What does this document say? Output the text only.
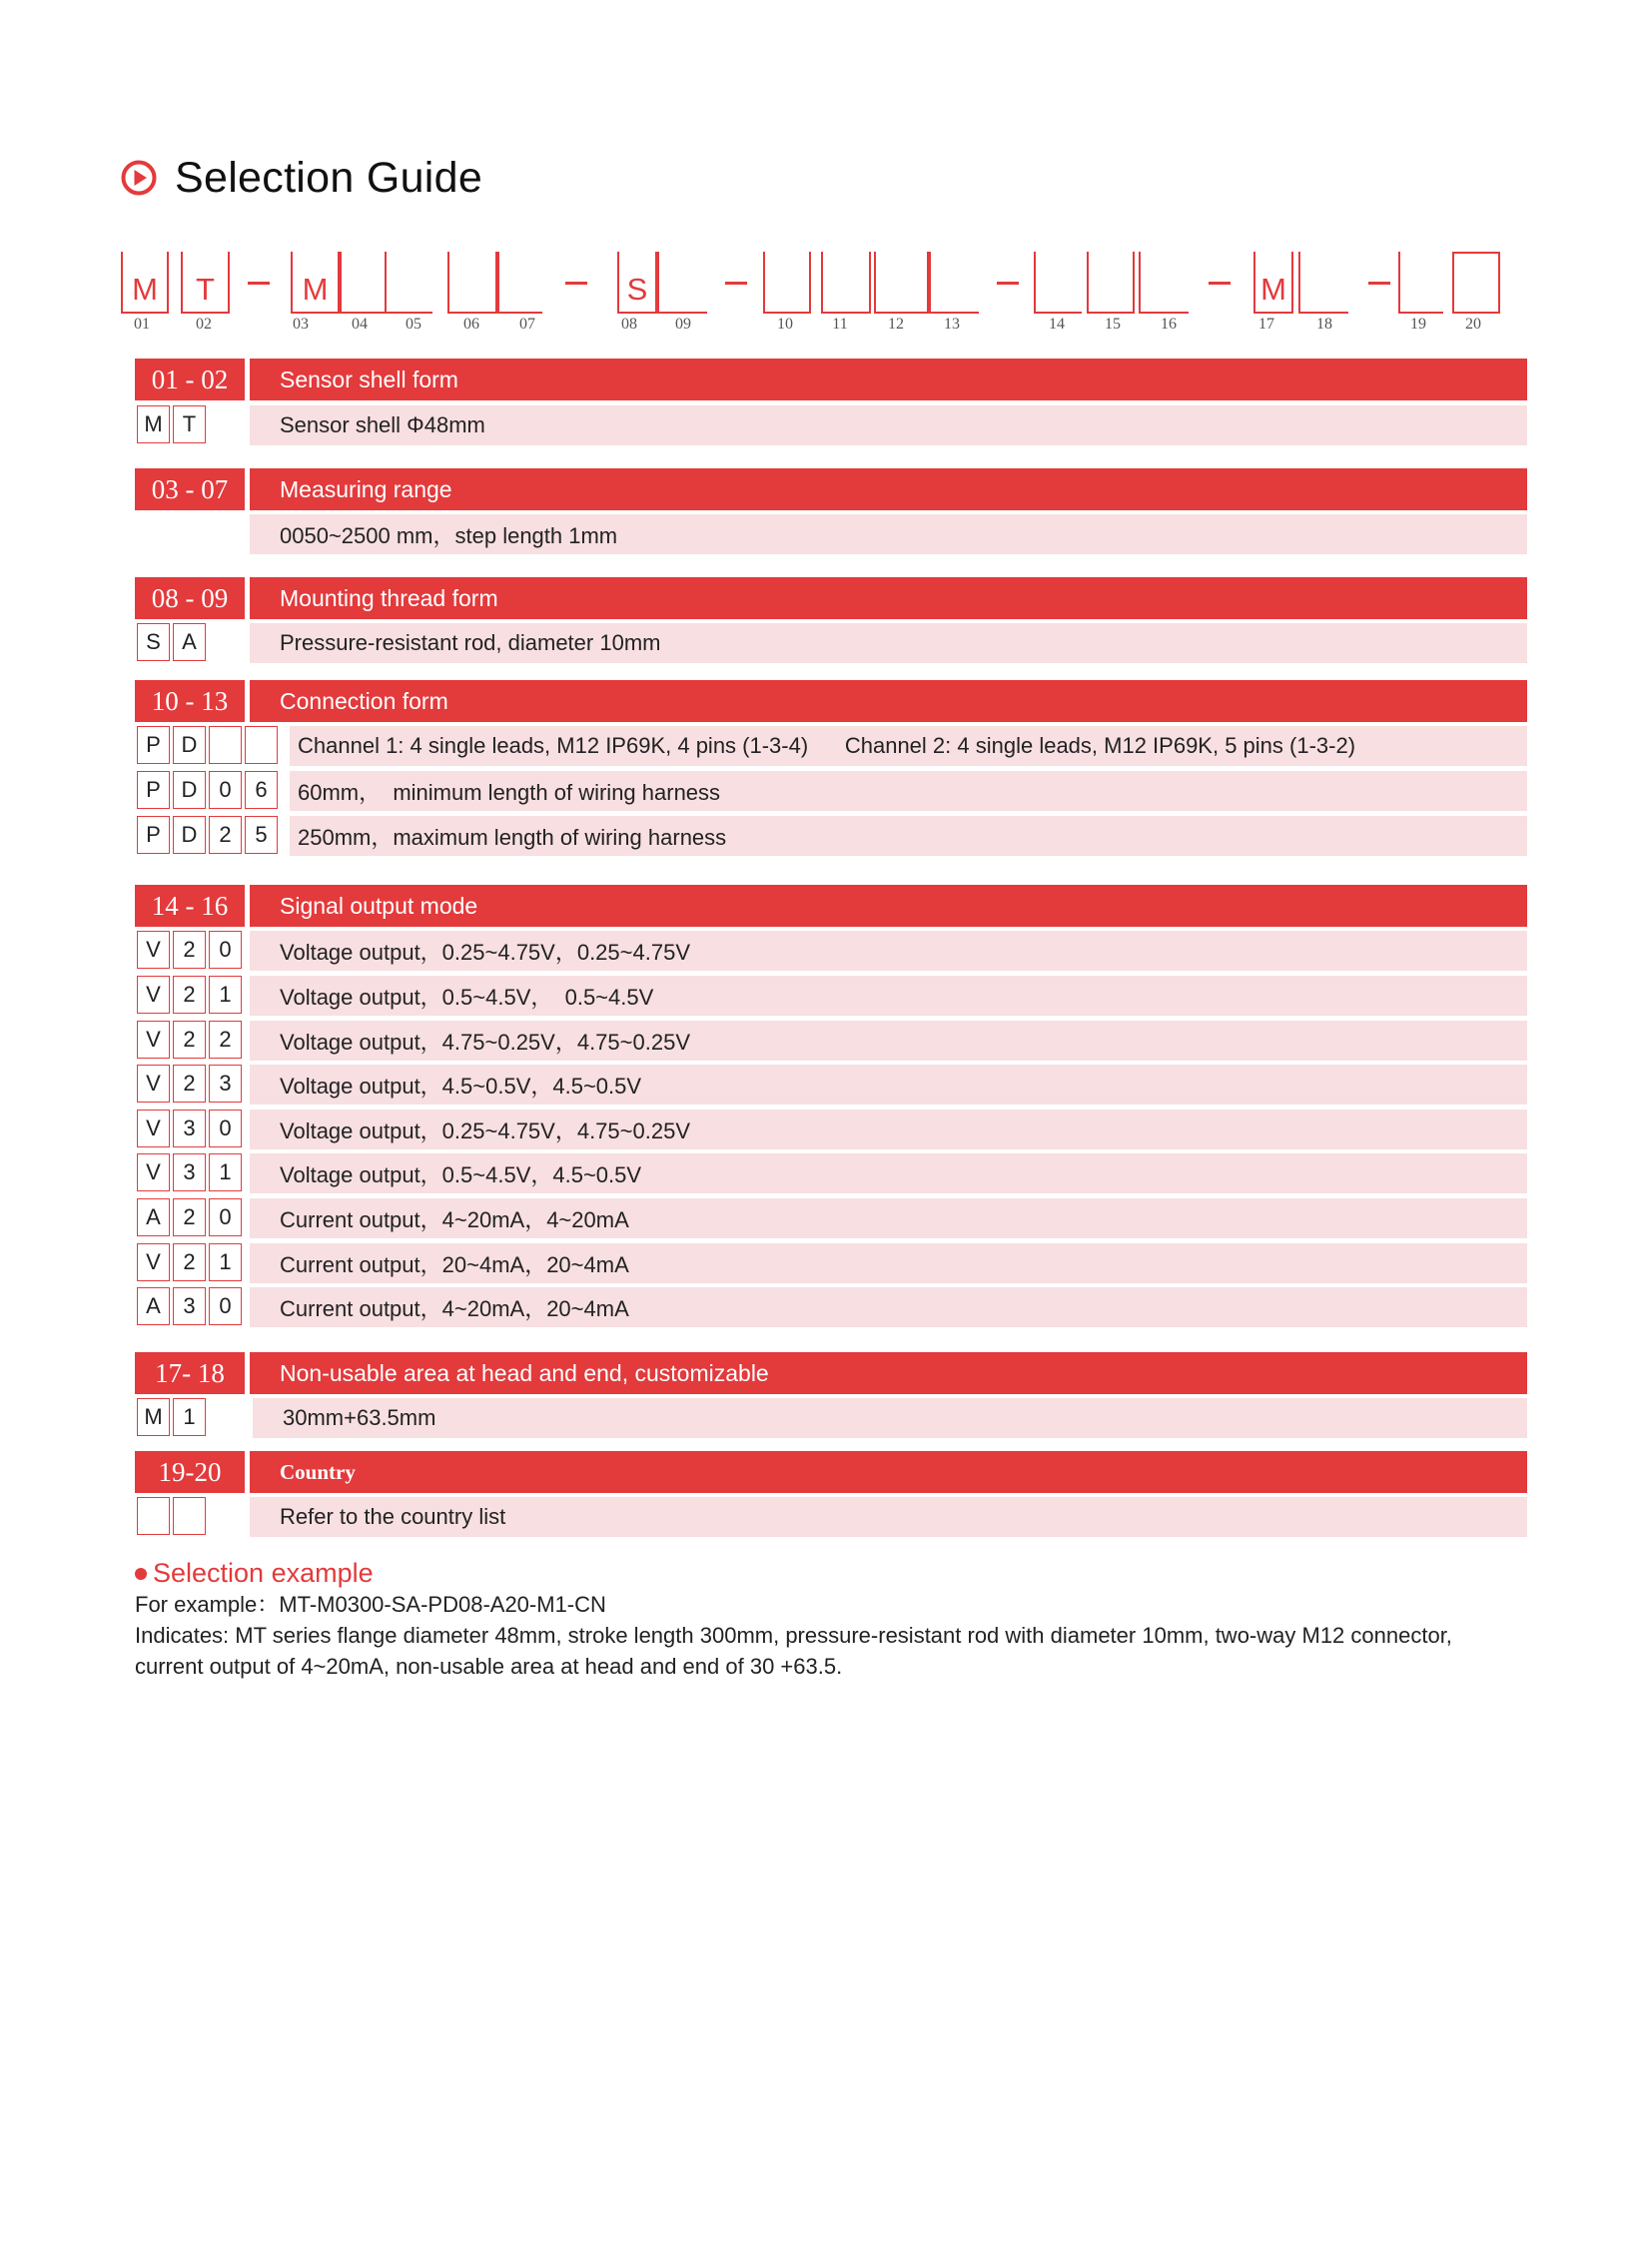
Selection Guide
M	T	M	S	M
01	02	03	04	05	06	07	08	09	10	11	12	13	14	15	16	17	18	19	20
01 - 02	Sensor shell form
M T	Sensor shell Φ48mm
03 - 07	Measuring range
0050~2500 mm，step length 1mm
08 - 09	Mounting thread form
S A	Pressure-resistant rod, diameter 10mm
10 - 13	Connection form
P D	Channel 1: 4 single leads, M12 IP69K, 4 pins (1-3-4)      Channel 2: 4 single leads, M12 IP69K, 5 pins (1-3-2)
P D 0	6	60mm，  minimum length of wiring harness
P D 2	5	250mm，maximum length of wiring harness
14 - 16	Signal output mode
V	2	0	Voltage output，0.25~4.75V，0.25~4.75V
V	2	1	Voltage output，0.5~4.5V，  0.5~4.5V
V	2	2	Voltage output，4.75~0.25V，4.75~0.25V
V	2	3	Voltage output，4.5~0.5V，4.5~0.5V
V	3	0	Voltage output，0.25~4.75V，4.75~0.25V
V	3	1	Voltage output，0.5~4.5V，4.5~0.5V
A	2	0	Current output，4~20mA，4~20mA
V	2	1	Current output，20~4mA，20~4mA
A	3	0	Current output，4~20mA，20~4mA
17- 18	Non-usable area at head and end, customizable
M 1	30mm+63.5mm
19-20	Country
Refer to the country list
Selection example
For example：MT-M0300-SA-PD08-A20-M1-CN
Indicates: MT series flange diameter 48mm, stroke length 300mm, pressure-resistant rod with diameter 10mm, two-way M12 connector,
current output of 4~20mA, non-usable area at head and end of 30 +63.5.
